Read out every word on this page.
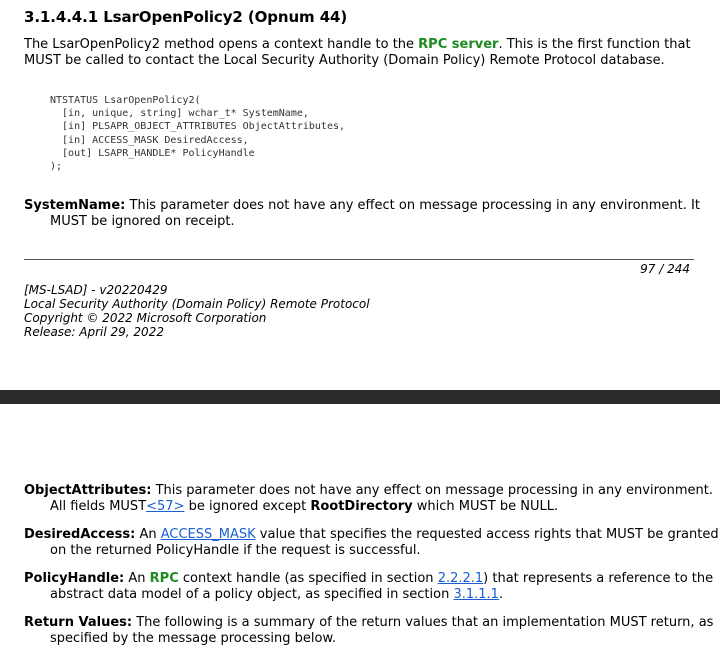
3.1.4.4.1 LsarOpenPolicy2 (Opnum 44)
The LsarOpenPolicy2 method opens a context handle to the RPC server. This is the first function that MUST be called to contact the Local Security Authority (Domain Policy) Remote Protocol database.
NTSTATUS LsarOpenPolicy2(
[in, unique, string] wchar_t* SystemName,
[in] PLSAPR_OBJECT_ATTRIBUTES ObjectAttributes,
[in] ACCESS_MASK DesiredAccess,
[out] LSAPR_HANDLE* PolicyHandle
);
SystemName: This parameter does not have any effect on message processing in any environment. It MUST be ignored on receipt.
97 / 244
[MS-LSAD] - v20220429
Local Security Authority (Domain Policy) Remote Protocol
Copyright © 2022 Microsoft Corporation
Release: April 29, 2022
ObjectAttributes: This parameter does not have any effect on message processing in any environment. All fields MUST<57> be ignored except RootDirectory which MUST be NULL.
DesiredAccess: An ACCESS_MASK value that specifies the requested access rights that MUST be granted on the returned PolicyHandle if the request is successful.
PolicyHandle: An RPC context handle (as specified in section 2.2.2.1) that represents a reference to the abstract data model of a policy object, as specified in section 3.1.1.1.
Return Values: The following is a summary of the return values that an implementation MUST return, as specified by the message processing below.
